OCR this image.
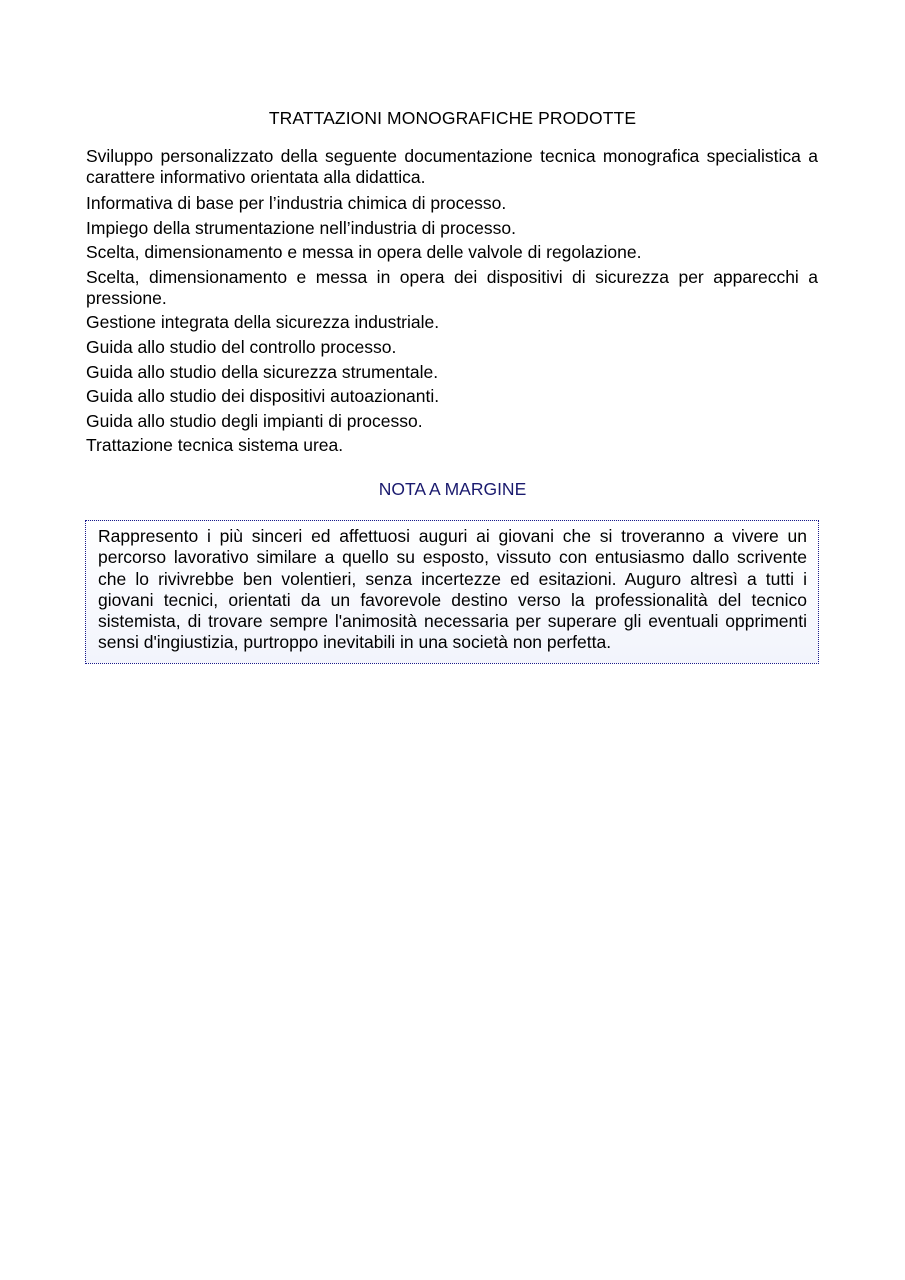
TRATTAZIONI MONOGRAFICHE PRODOTTE

Sviluppo personalizzato della seguente documentazione tecnica monografica specialistica a carattere informativo orientata alla didattica.

Informativa di base per l’industria chimica di processo.
Impiego della strumentazione nell’industria di processo.
Scelta, dimensionamento e messa in opera delle valvole di regolazione.
Scelta, dimensionamento e messa in opera dei dispositivi di sicurezza per apparecchi a pressione.
Gestione integrata della sicurezza industriale.
Guida allo studio del controllo processo.
Guida allo studio della sicurezza strumentale.
Guida allo studio dei dispositivi autoazionanti.
Guida allo studio degli impianti di processo.
Trattazione tecnica sistema urea.
NOTA A MARGINE

Rappresento i più sinceri ed affettuosi auguri ai giovani che si troveranno a vivere un percorso lavorativo similare a quello su esposto, vissuto con entusiasmo dallo scrivente che lo rivivrebbe ben volentieri, senza incertezze ed esitazioni. Auguro altresì a tutti i giovani tecnici, orientati da un favorevole destino verso la professionalità del tecnico sistemista, di trovare sempre l'animosità necessaria per superare gli eventuali opprimenti sensi d'ingiustizia, purtroppo inevitabili in una società non perfetta.
